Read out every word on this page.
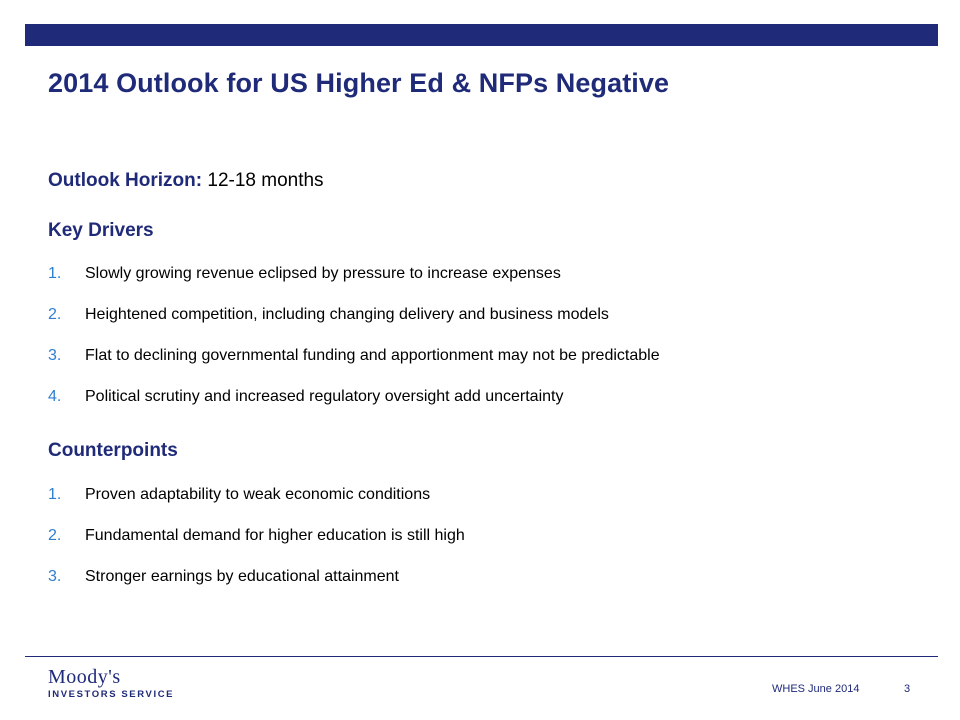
2014 Outlook for US Higher Ed & NFPs Negative
Outlook Horizon: 12-18 months
Key Drivers
1. Slowly growing revenue eclipsed by pressure to increase expenses
2. Heightened competition, including changing delivery and business models
3. Flat to declining governmental funding and apportionment may not be predictable
4. Political scrutiny and increased regulatory oversight add uncertainty
Counterpoints
1. Proven adaptability to weak economic conditions
2. Fundamental demand for higher education is still high
3. Stronger earnings by educational attainment
Moody's
INVESTORS SERVICE	WHES June 2014	3
